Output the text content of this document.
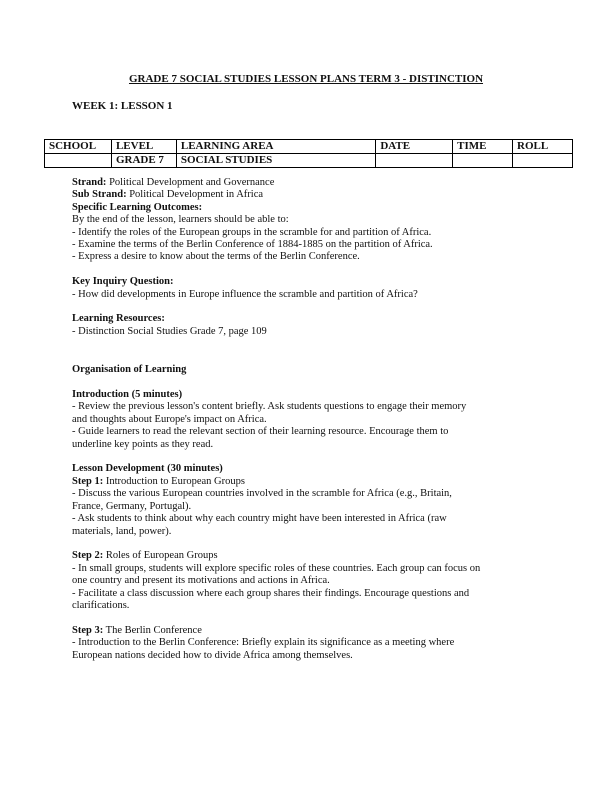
GRADE 7 SOCIAL STUDIES LESSON PLANS TERM 3 - DISTINCTION
WEEK 1: LESSON 1
SCHOOL	LEVEL	LEARNING AREA	DATE	TIME	ROLL
	GRADE 7	SOCIAL STUDIES			

Strand: Political Development and Governance

Sub Strand: Political Development in Africa

Specific Learning Outcomes:

By the end of the lesson, learners should be able to:

- Identify the roles of the European groups in the scramble for and partition of Africa.

- Examine the terms of the Berlin Conference of 1884-1885 on the partition of Africa.

- Express a desire to know about the terms of the Berlin Conference.

Key Inquiry Question:

- How did developments in Europe influence the scramble and partition of Africa?

Learning Resources:

- Distinction Social Studies Grade 7, page 109

Organisation of Learning

Introduction (5 minutes)

- Review the previous lesson's content briefly. Ask students questions to engage their memory

and thoughts about Europe's impact on Africa.

- Guide learners to read the relevant section of their learning resource. Encourage them to

underline key points as they read.

Lesson Development (30 minutes)

Step 1: Introduction to European Groups

- Discuss the various European countries involved in the scramble for Africa (e.g., Britain,

France, Germany, Portugal).

- Ask students to think about why each country might have been interested in Africa (raw

materials, land, power).

Step 2: Roles of European Groups

- In small groups, students will explore specific roles of these countries. Each group can focus on

one country and present its motivations and actions in Africa.

- Facilitate a class discussion where each group shares their findings. Encourage questions and

clarifications.

Step 3: The Berlin Conference

- Introduction to the Berlin Conference: Briefly explain its significance as a meeting where

European nations decided how to divide Africa among themselves.
